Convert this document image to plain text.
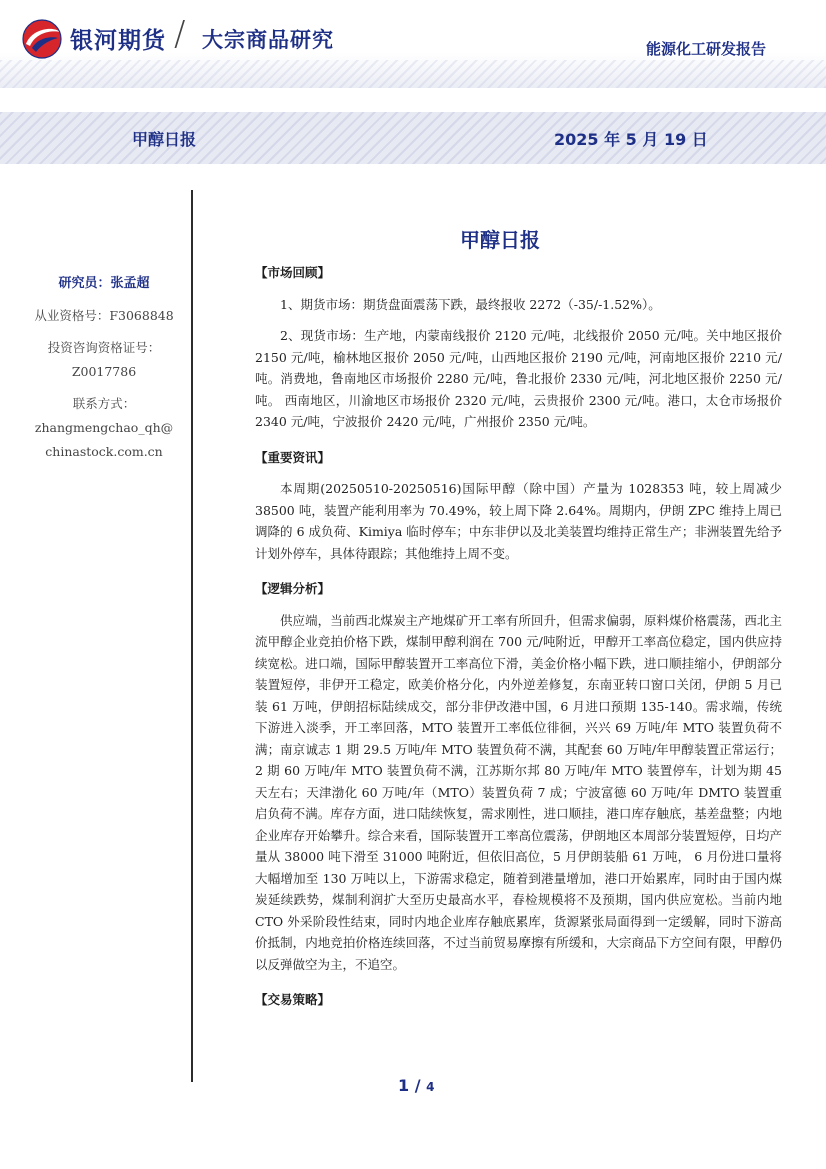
银河期货 / 大宗商品研究	能源化工研发报告
甲醇日报	2025 年 5 月 19 日
研究员：张孟超
从业资格号：F3068848
投资咨询资格证号：
Z0017786
联系方式：
zhangmengchao_qh@
chinastock.com.cn
甲醇日报
【市场回顾】

1、期货市场：期货盘面震荡下跌，最终报收 2272（-35/-1.52%）。

2、现货市场：生产地，内蒙南线报价 2120 元/吨，北线报价 2050 元/吨。关中地区报价 2150 元/吨，榆林地区报价 2050 元/吨，山西地区报价 2190 元/吨，河南地区报价 2210 元/吨。消费地，鲁南地区市场报价 2280 元/吨，鲁北报价 2330 元/吨，河北地区报价 2250 元/吨。 西南地区，川渝地区市场报价 2320 元/吨，云贵报价 2300 元/吨。港口，太仓市场报价 2340 元/吨，宁波报价 2420 元/吨，广州报价 2350 元/吨。

【重要资讯】

本周期(20250510-20250516)国际甲醇（除中国）产量为 1028353 吨，较上周减少 38500 吨，装置产能利用率为 70.49%，较上周下降 2.64%。周期内，伊朗 ZPC 维持上周已调降的 6 成负荷、Kimiya 临时停车；中东非伊以及北美装置均维持正常生产；非洲装置先给予计划外停车，具体待跟踪；其他维持上周不变。

【逻辑分析】

供应端，当前西北煤炭主产地煤矿开工率有所回升，但需求偏弱，原料煤价格震荡，西北主流甲醇企业竞拍价格下跌，煤制甲醇利润在 700 元/吨附近，甲醇开工率高位稳定，国内供应持续宽松。进口端，国际甲醇装置开工率高位下滑，美金价格小幅下跌，进口顺挂缩小，伊朗部分装置短停，非伊开工稳定，欧美价格分化，内外逆差修复，东南亚转口窗口关闭，伊朗 5 月已装 61 万吨，伊朗招标陆续成交，部分非伊改港中国，6 月进口预期 135-140。需求端，传统下游进入淡季，开工率回落，MTO 装置开工率低位徘徊，兴兴 69 万吨/年 MTO 装置负荷不满；南京诚志 1 期 29.5 万吨/年 MTO 装置负荷不满，其配套 60 万吨/年甲醇装置正常运行；2 期 60 万吨/年 MTO 装置负荷不满，江苏斯尔邦 80 万吨/年 MTO 装置停车，计划为期 45 天左右；天津渤化 60 万吨/年（MTO）装置负荷 7 成；宁波富德 60 万吨/年 DMTO 装置重启负荷不满。库存方面，进口陆续恢复，需求刚性，进口顺挂，港口库存触底，基差盘整；内地企业库存开始攀升。综合来看，国际装置开工率高位震荡，伊朗地区本周部分装置短停，日均产量从 38000 吨下滑至 31000 吨附近，但依旧高位，5 月伊朗装船 61 万吨， 6 月份进口量将大幅增加至 130 万吨以上，下游需求稳定，随着到港量增加，港口开始累库，同时由于国内煤炭延续跌势，煤制利润扩大至历史最高水平，春检规模将不及预期，国内供应宽松。当前内地 CTO 外采阶段性结束，同时内地企业库存触底累库，货源紧张局面得到一定缓解，同时下游高价抵制，内地竞拍价格连续回落，不过当前贸易摩擦有所缓和，大宗商品下方空间有限，甲醇仍以反弹做空为主，不追空。

【交易策略】
1 / 4
